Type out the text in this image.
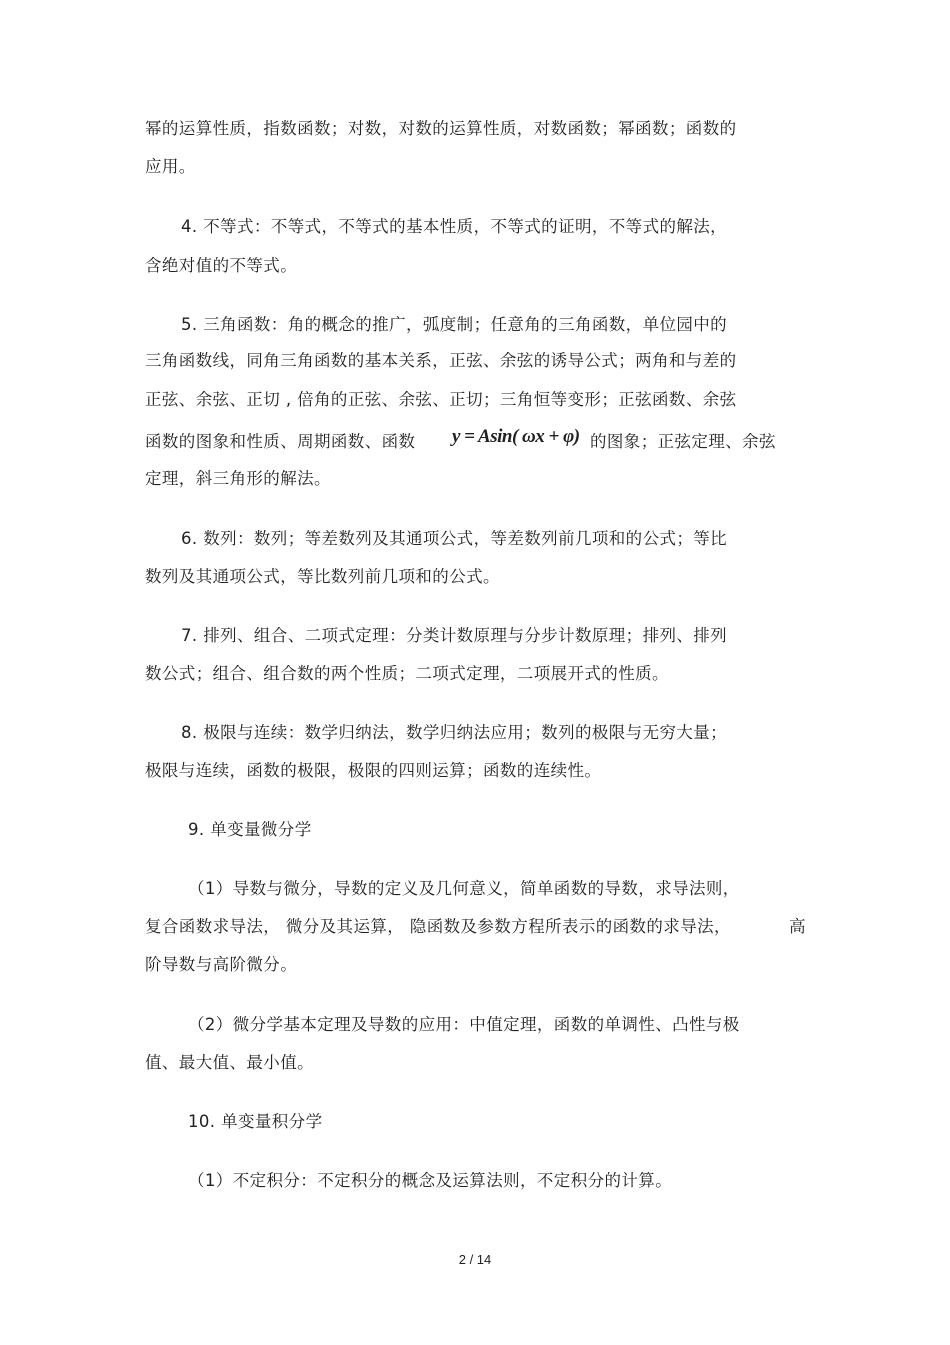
幂的运算性质，指数函数；对数，对数的运算性质，对数函数；幂函数；函数的
应用。
4. 不等式：不等式，不等式的基本性质，不等式的证明，不等式的解法，
含绝对值的不等式。
5. 三角函数：角的概念的推广，弧度制；任意角的三角函数，单位园中的
三角函数线，同角三角函数的基本关系，正弦、余弦的诱导公式；两角和与差的
正弦、余弦、正切 , 倍角的正弦、余弦、正切；三角恒等变形；正弦函数、余弦
函数的图象和性质、周期函数、函数 y = Asin( ωx + φ) 的图象；正弦定理、余弦
定理，斜三角形的解法。
6. 数列：数列；等差数列及其通项公式，等差数列前几项和的公式；等比
数列及其通项公式，等比数列前几项和的公式。
7. 排列、组合、二项式定理：分类计数原理与分步计数原理；排列、排列
数公式；组合、组合数的两个性质；二项式定理，二项展开式的性质。
8. 极限与连续：数学归纳法，数学归纳法应用；数列的极限与无穷大量；
极限与连续，函数的极限，极限的四则运算；函数的连续性。
9. 单变量微分学
（1）导数与微分，导数的定义及几何意义，简单函数的导数，求导法则，
复合函数求导法， 微分及其运算， 隐函数及参数方程所表示的函数的求导法，	高
阶导数与高阶微分。
（2）微分学基本定理及导数的应用：中值定理，函数的单调性、凸性与极
值、最大值、最小值。
10. 单变量积分学
（1）不定积分：不定积分的概念及运算法则，不定积分的计算。
2 / 14
